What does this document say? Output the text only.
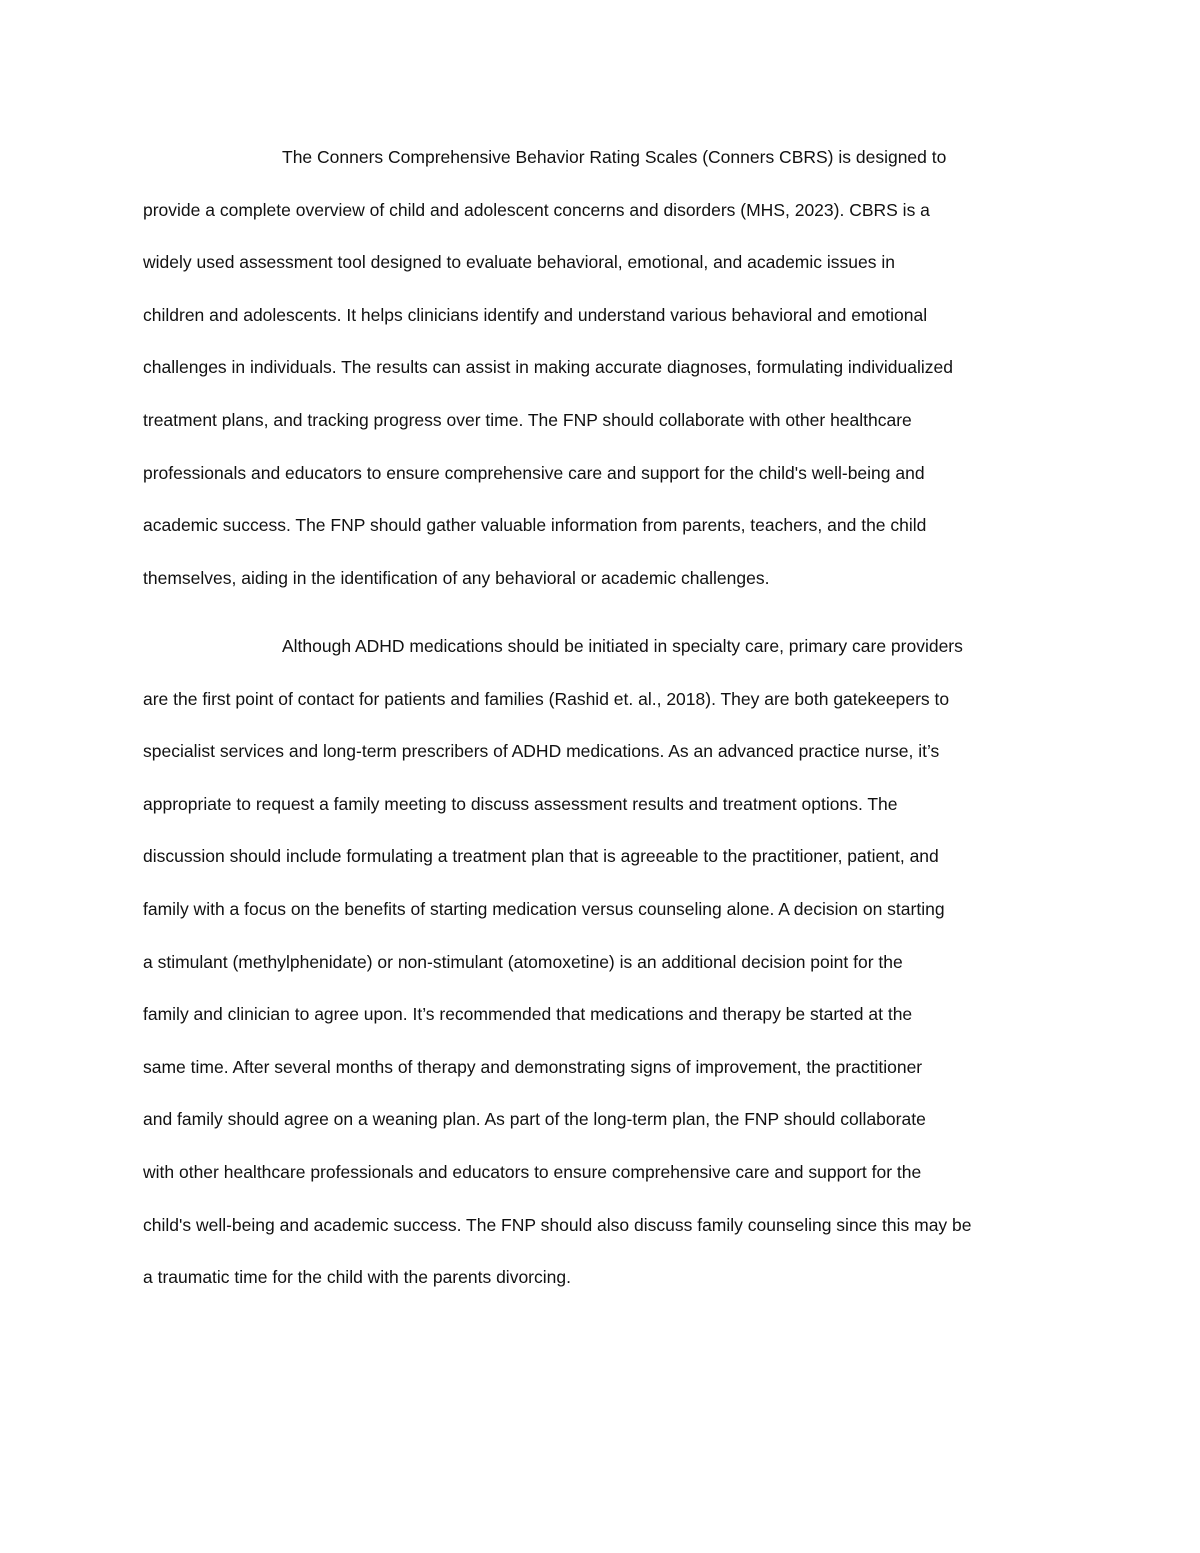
The Conners Comprehensive Behavior Rating Scales (Conners CBRS) is designed to
provide a complete overview of child and adolescent concerns and disorders (MHS, 2023). CBRS is a
widely used assessment tool designed to evaluate behavioral, emotional, and academic issues in
children and adolescents. It helps clinicians identify and understand various behavioral and emotional
challenges in individuals. The results can assist in making accurate diagnoses, formulating individualized
treatment plans, and tracking progress over time. The FNP should collaborate with other healthcare
professionals and educators to ensure comprehensive care and support for the child's well-being and
academic success. The FNP should gather valuable information from parents, teachers, and the child
themselves, aiding in the identification of any behavioral or academic challenges.
Although ADHD medications should be initiated in specialty care, primary care providers
are the first point of contact for patients and families (Rashid et. al., 2018). They are both gatekeepers to
specialist services and long-term prescribers of ADHD medications. As an advanced practice nurse, it’s
appropriate to request a family meeting to discuss assessment results and treatment options. The
discussion should include formulating a treatment plan that is agreeable to the practitioner, patient, and
family with a focus on the benefits of starting medication versus counseling alone. A decision on starting
a stimulant (methylphenidate) or non-stimulant (atomoxetine) is an additional decision point for the
family and clinician to agree upon. It’s recommended that medications and therapy be started at the
same time. After several months of therapy and demonstrating signs of improvement, the practitioner
and family should agree on a weaning plan. As part of the long-term plan, the FNP should collaborate
with other healthcare professionals and educators to ensure comprehensive care and support for the
child's well-being and academic success. The FNP should also discuss family counseling since this may be
a traumatic time for the child with the parents divorcing.
